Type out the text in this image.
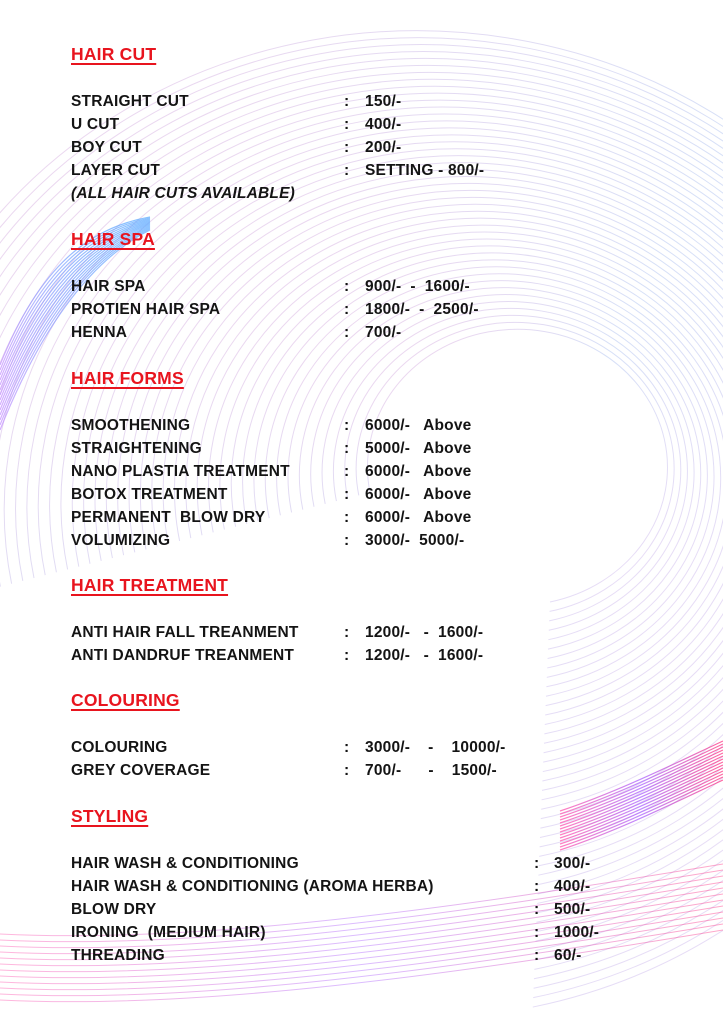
HAIR CUT
STRAIGHT CUT	: 150/-
U CUT	: 400/-
BOY CUT	: 200/-
LAYER CUT	: SETTING - 800/-
(ALL HAIR CUTS AVAILABLE)
HAIR SPA
HAIR SPA	: 900/-  -  1600/-
PROTIEN HAIR SPA	: 1800/-  -  2500/-
HENNA	: 700/-
HAIR FORMS
SMOOTHENING	: 6000/-   Above
STRAIGHTENING	: 5000/-   Above
NANO PLASTIA TREATMENT	: 6000/-   Above
BOTOX TREATMENT	: 6000/-   Above
PERMANENT  BLOW DRY	: 6000/-   Above
VOLUMIZING	: 3000/-  5000/-
HAIR TREATMENT
ANTI HAIR FALL TREANMENT	: 1200/-   -  1600/-
ANTI DANDRUF TREANMENT	: 1200/-   -  1600/-
COLOURING
COLOURING	: 3000/-    -    10000/-
GREY COVERAGE	: 700/-      -    1500/-
STYLING
HAIR WASH & CONDITIONING	: 300/-
HAIR WASH & CONDITIONING (AROMA HERBA)	: 400/-
BLOW DRY	: 500/-
IRONING  (MEDIUM HAIR)	: 1000/-
THREADING	: 60/-
